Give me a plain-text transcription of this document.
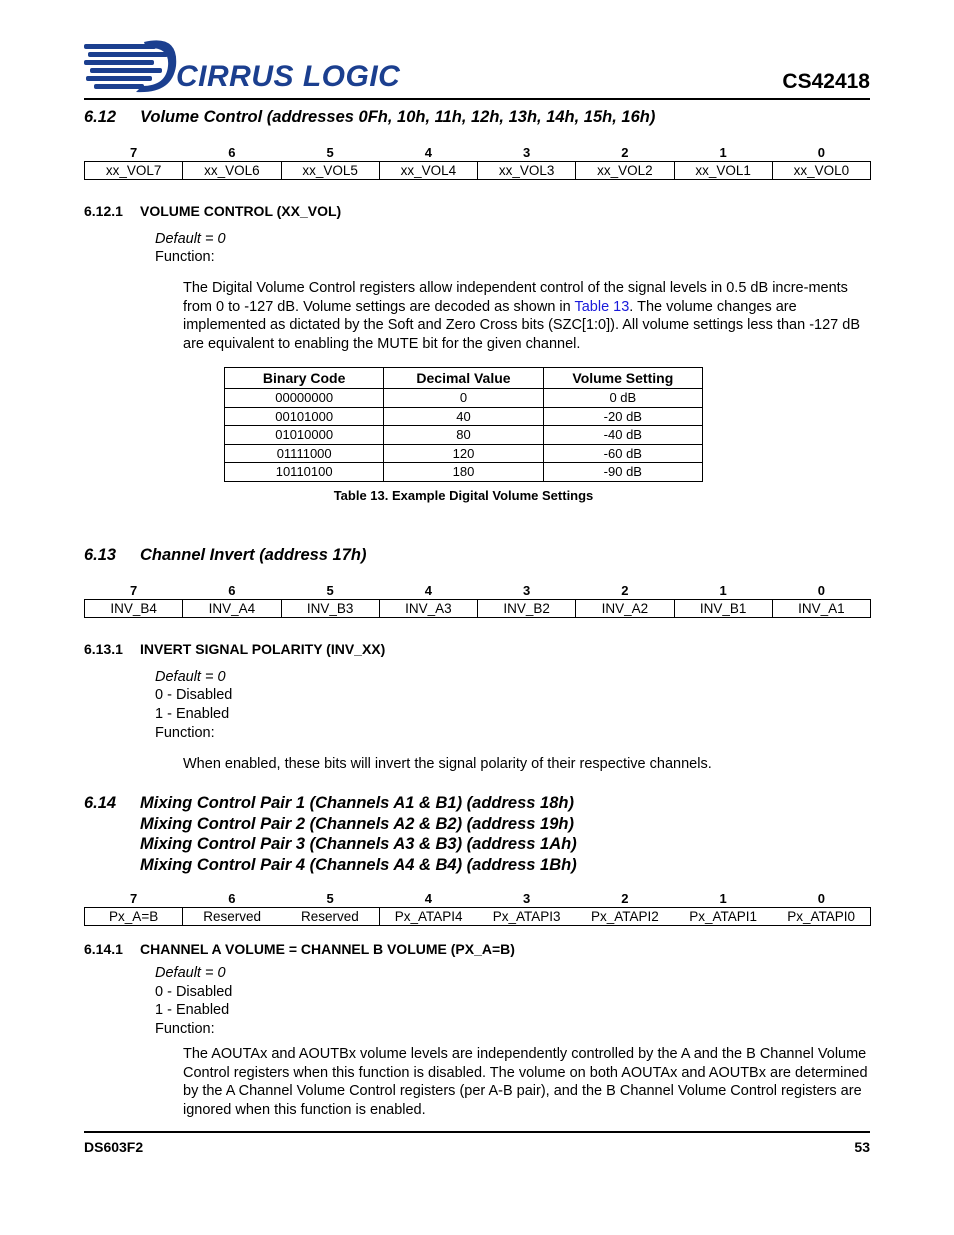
CIRRUS LOGIC	CS42418
6.12 Volume Control (addresses 0Fh, 10h, 11h, 12h, 13h, 14h, 15h, 16h)
7	6	5	4	3	2	1	0
xx_VOL7	xx_VOL6	xx_VOL5	xx_VOL4	xx_VOL3	xx_VOL2	xx_VOL1	xx_VOL0
6.12.1 VOLUME CONTROL (XX_VOL)
Default = 0
Function:
The Digital Volume Control registers allow independent control of the signal levels in 0.5 dB incre-ments from 0 to -127 dB. Volume settings are decoded as shown in Table 13. The volume changes are implemented as dictated by the Soft and Zero Cross bits (SZC[1:0]). All volume settings less than -127 dB are equivalent to enabling the MUTE bit for the given channel.
Binary Code	Decimal Value	Volume Setting
00000000	0	0 dB
00101000	40	-20 dB
01010000	80	-40 dB
01111000	120	-60 dB
10110100	180	-90 dB
Table 13. Example Digital Volume Settings
6.13 Channel Invert (address 17h)
7	6	5	4	3	2	1	0
INV_B4	INV_A4	INV_B3	INV_A3	INV_B2	INV_A2	INV_B1	INV_A1
6.13.1 INVERT SIGNAL POLARITY (INV_XX)
Default = 0
0 - Disabled
1 - Enabled
Function:
When enabled, these bits will invert the signal polarity of their respective channels.
6.14	Mixing Control Pair 1 (Channels A1 & B1) (address 18h)
Mixing Control Pair 2 (Channels A2 & B2) (address 19h)
Mixing Control Pair 3 (Channels A3 & B3) (address 1Ah)
Mixing Control Pair 4 (Channels A4 & B4) (address 1Bh)
7	6	5	4	3	2	1	0
Px_A=B	Reserved	Reserved	Px_ATAPI4	Px_ATAPI3	Px_ATAPI2	Px_ATAPI1	Px_ATAPI0
6.14.1 CHANNEL A VOLUME = CHANNEL B VOLUME (PX_A=B)
Default = 0
0 - Disabled
1 - Enabled
Function:
The AOUTAx and AOUTBx volume levels are independently controlled by the A and the B Channel Volume Control registers when this function is disabled. The volume on both AOUTAx and AOUTBx are determined by the A Channel Volume Control registers (per A-B pair), and the B Channel Volume Control registers are ignored when this function is enabled.
DS603F2	53
